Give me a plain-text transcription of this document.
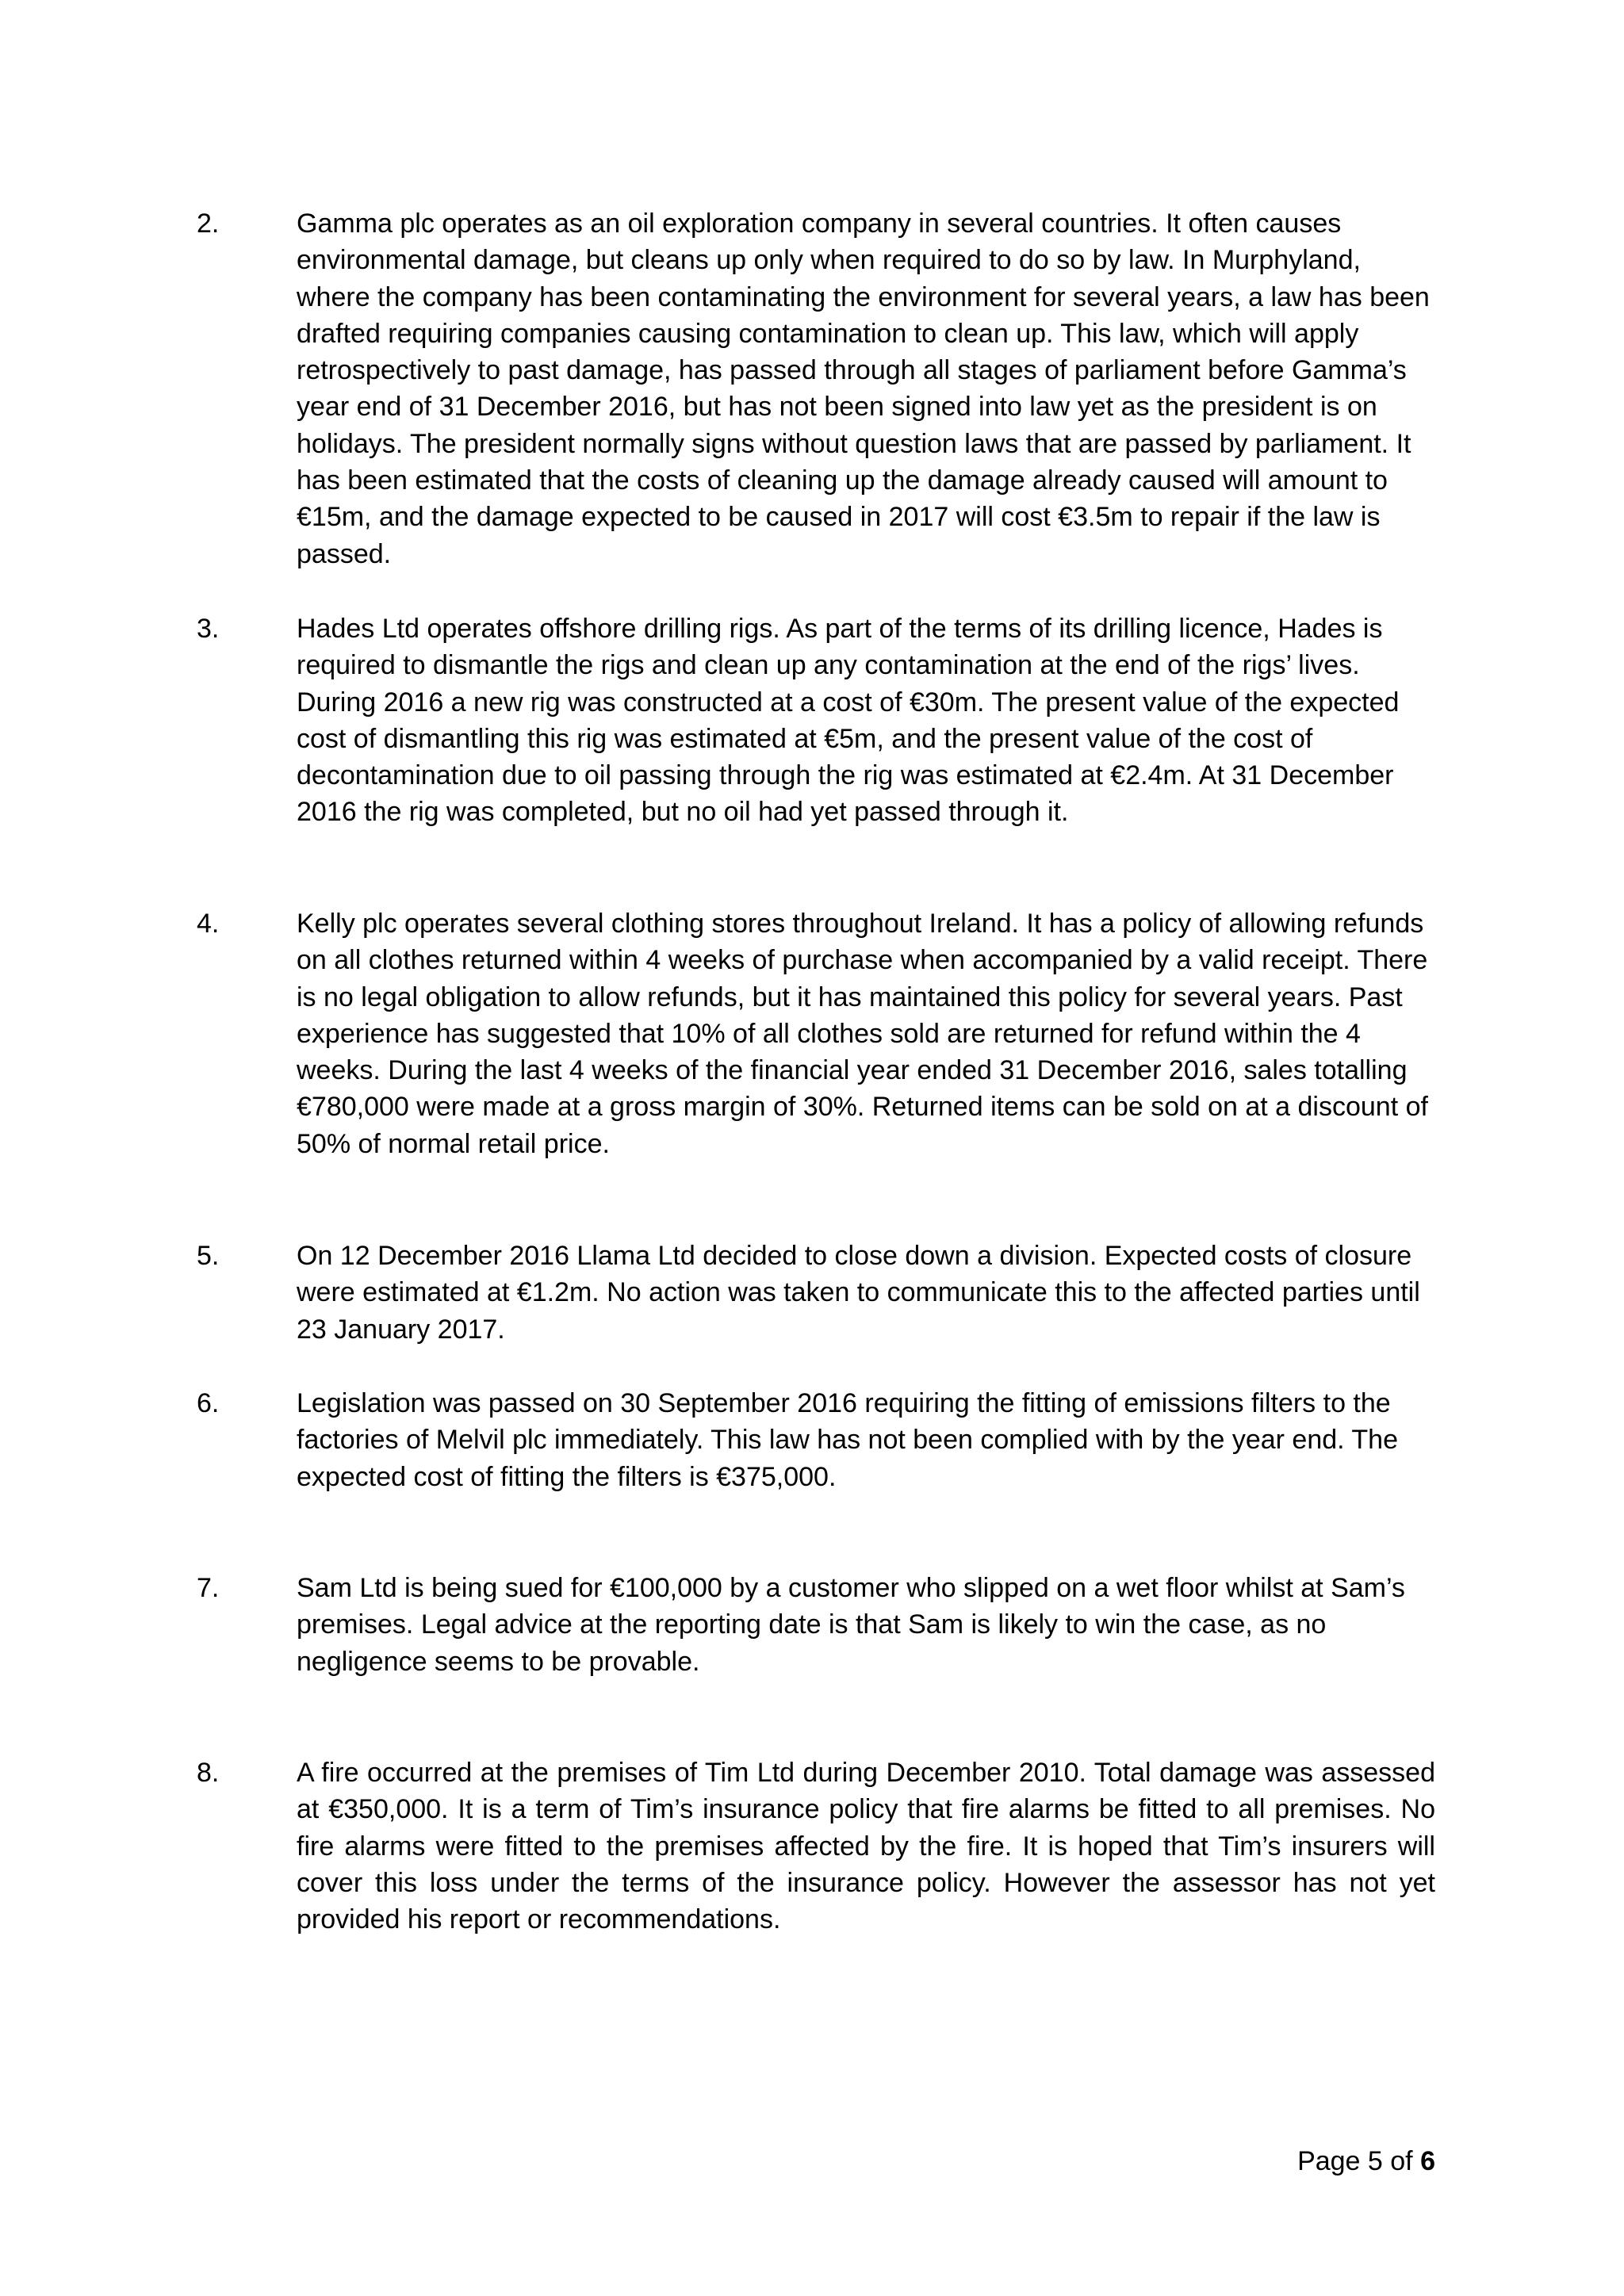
2.	Gamma plc operates as an oil exploration company in several countries. It often causes environmental damage, but cleans up only when required to do so by law. In Murphyland, where the company has been contaminating the environment for several years, a law has been drafted requiring companies causing contamination to clean up. This law, which will apply retrospectively to past damage, has passed through all stages of parliament before Gamma’s year end of 31 December 2016, but has not been signed into law yet as the president is on holidays. The president normally signs without question laws that are passed by parliament. It has been estimated that the costs of cleaning up the damage already caused will amount to €15m, and the damage expected to be caused in 2017 will cost €3.5m to repair if the law is passed.

3.	Hades Ltd operates offshore drilling rigs. As part of the terms of its drilling licence, Hades is required to dismantle the rigs and clean up any contamination at the end of the rigs’ lives. During 2016 a new rig was constructed at a cost of €30m. The present value of the expected cost of dismantling this rig was estimated at €5m, and the present value of the cost of decontamination due to oil passing through the rig was estimated at €2.4m. At 31 December 2016 the rig was completed, but no oil had yet passed through it.

4.	Kelly plc operates several clothing stores throughout Ireland. It has a policy of allowing refunds on all clothes returned within 4 weeks of purchase when accompanied by a valid receipt. There is no legal obligation to allow refunds, but it has maintained this policy for several years. Past experience has suggested that 10% of all clothes sold are returned for refund within the 4 weeks. During the last 4 weeks of the financial year ended 31 December 2016, sales totalling €780,000 were made at a gross margin of 30%. Returned items can be sold on at a discount of 50% of normal retail price.

5.	On 12 December 2016 Llama Ltd decided to close down a division. Expected costs of closure were estimated at €1.2m. No action was taken to communicate this to the affected parties until 23 January 2017.

6.	Legislation was passed on 30 September 2016 requiring the fitting of emissions filters to the factories of Melvil plc immediately. This law has not been complied with by the year end. The expected cost of fitting the filters is €375,000.

7.	Sam Ltd is being sued for €100,000 by a customer who slipped on a wet floor whilst at Sam’s premises. Legal advice at the reporting date is that Sam is likely to win the case, as no negligence seems to be provable.

8.	A fire occurred at the premises of Tim Ltd during December 2010. Total damage was assessed at €350,000. It is a term of Tim’s insurance policy that fire alarms be fitted to all premises. No fire alarms were fitted to the premises affected by the fire. It is hoped that Tim’s insurers will cover this loss under the terms of the insurance policy. However the assessor has not yet provided his report or recommendations.

Page 5 of 6
